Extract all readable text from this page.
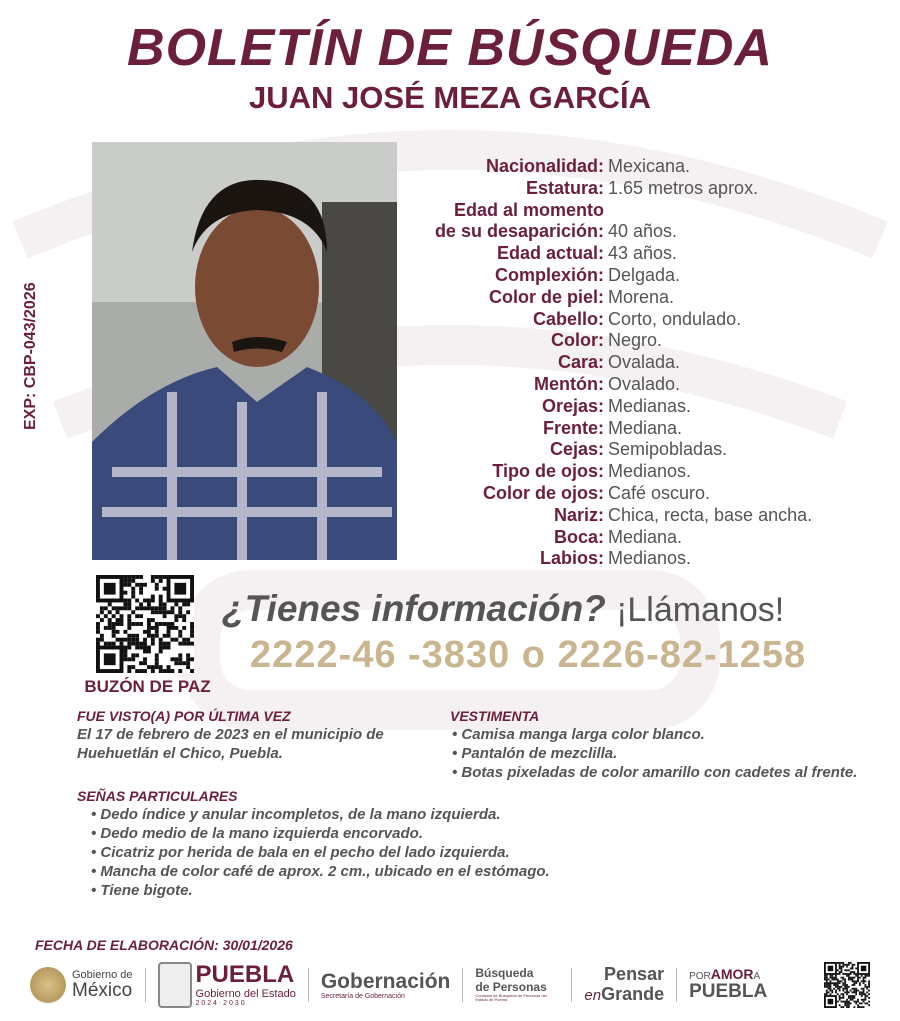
BOLETÍN DE BÚSQUEDA
JUAN JOSÉ MEZA GARCÍA
EXP: CBP-043/2026
Nacionalidad: Mexicana.
Estatura: 1.65 metros aprox.
Edad al momento
de su desaparición: 40 años.
Edad actual: 43 años.
Complexión: Delgada.
Color de piel: Morena.
Cabello: Corto, ondulado.
Color: Negro.
Cara: Ovalada.
Mentón: Ovalado.
Orejas: Medianas.
Frente: Mediana.
Cejas: Semipobladas.
Tipo de ojos: Medianos.
Color de ojos: Café oscuro.
Nariz: Chica, recta, base ancha.
Boca: Mediana.
Labios: Medianos.
BUZÓN DE PAZ
¿Tienes información? ¡Llámanos!
2222-46 -3830 o 2226-82-1258
FUE VISTO(A) POR ÚLTIMA VEZ

El 17 de febrero de 2023 en el municipio de Huehuetlán el Chico, Puebla.

VESTIMENTA
• Camisa manga larga color blanco.
• Pantalón de mezclilla.
• Botas pixeladas de color amarillo con cadetes al frente.
SEÑAS PARTICULARES
• Dedo índice y anular incompletos, de la mano izquierda.
• Dedo medio de la mano izquierda encorvado.
• Cicatriz por herida de bala en el pecho del lado izquierda.
• Mancha de color café de aprox. 2 cm., ubicado en el estómago.
• Tiene bigote.
FECHA DE ELABORACIÓN: 30/01/2026
Gobierno de
México
PUEBLA
Gobierno del Estado
2 0 2 4 · 2 0 3 0
Gobernación
Secretaría de Gobernación
Búsqueda
de Personas
Comisión de Búsqueda de Personas del Estado de Puebla
Pensar
enGrande
PORAMORA
PUEBLA
